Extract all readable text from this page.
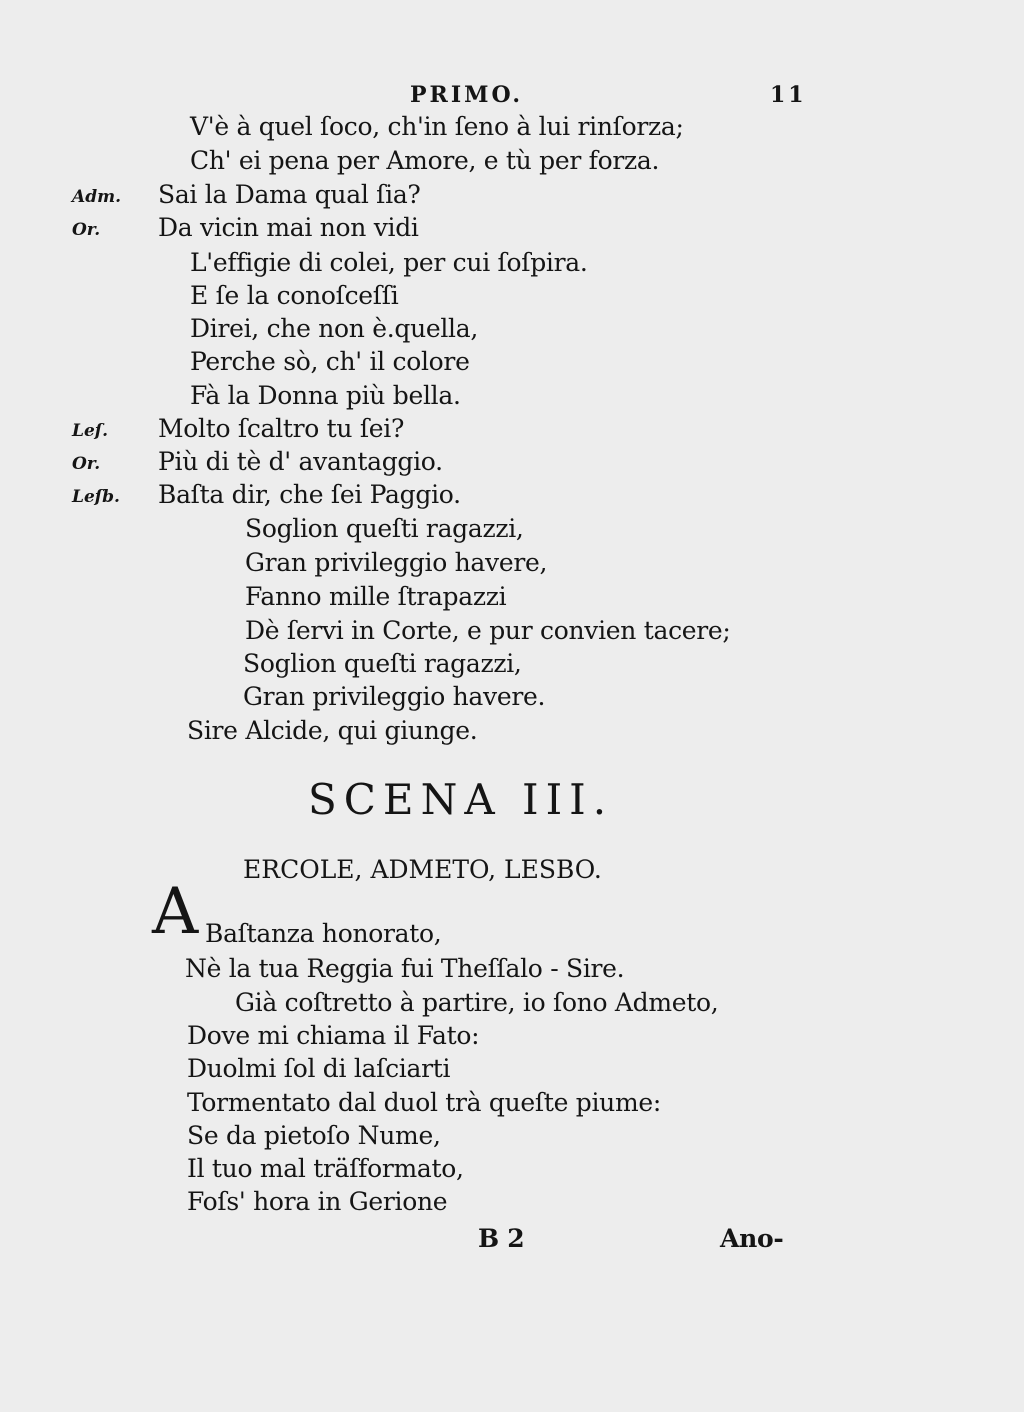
PRIMO.	11
V'è à quel ſoco, ch'in ſeno à lui rinſorza;
Ch' ei pena per Amore, e tù per forza.
Adm. Sai la Dama qual ſia?
Or. Da vicin mai non vidi
L'effigie di colei, per cui ſoſpira.
E ſe la conoſceſſi
Direi, che non è.quella,
Perche sò, ch' il colore
Fà la Donna più bella.
Leſ. Molto ſcaltro tu ſei?
Or. Più di tè d' avantaggio.
Leſb. Baſta dir, che ſei Paggio.
Soglion queſti ragazzi,
Gran privileggio havere,
Fanno mille ſtrapazzi
Dè ſervi in Corte, e pur convien tacere;
Soglion queſti ragazzi,
Gran privileggio havere.
Sire Alcide, qui giunge.
SCENA III.
ERCOLE, ADMETO, LESBO.
A Baſtanza honorato,
Nè la tua Reggia fui Theſſalo - Sire.
Già coſtretto à partire, io ſono Admeto,
Dove mi chiama il Fato:
Duolmi ſol di laſciarti
Tormentato dal duol trà queſte piume:
Se da pietoſo Nume,
Il tuo mal träſformato,
Foſs' hora in Gerione
B 2	Ano-
